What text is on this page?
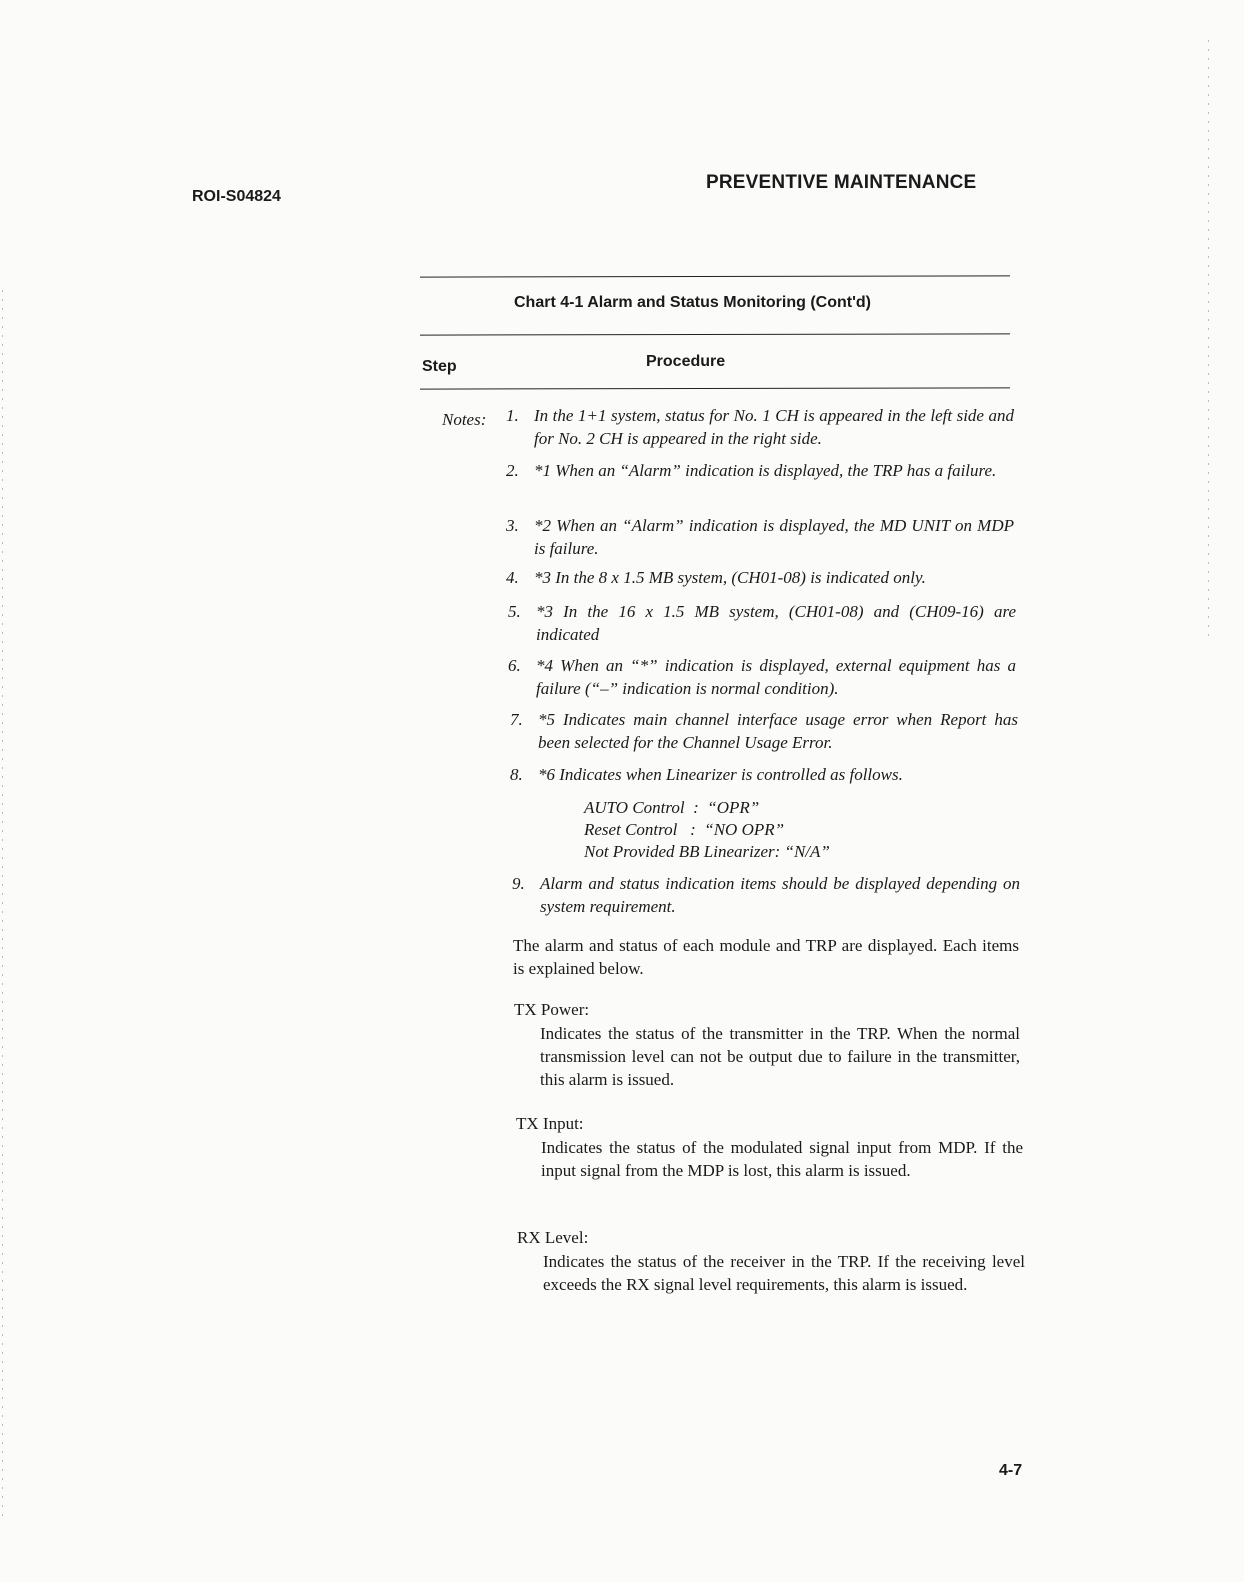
ROI-S04824
PREVENTIVE MAINTENANCE
Chart 4-1 Alarm and Status Monitoring (Cont'd)
Step	Procedure
Notes: 1. In the 1+1 system, status for No. 1 CH is appeared in the left side and for No. 2 CH is appeared in the right side.
2. *1 When an “Alarm” indication is displayed, the TRP has a failure.
3. *2 When an “Alarm” indication is displayed, the MD UNIT on MDP is failure.
4. *3 In the 8 x 1.5 MB system, (CH01-08) is indicated only.
5. *3 In the 16 x 1.5 MB system, (CH01-08) and (CH09-16) are indicated
6. *4 When an “*” indication is displayed, external equipment has a failure (“–” indication is normal condition).
7. *5 Indicates main channel interface usage error when Report has been selected for the Channel Usage Error.
8. *6 Indicates when Linearizer is controlled as follows.
AUTO Control  :  “OPR”
Reset Control   :  “NO OPR”
Not Provided BB Linearizer: “N/A”
9. Alarm and status indication items should be displayed depending on system requirement.
The alarm and status of each module and TRP are displayed. Each items is explained below.
TX Power:
Indicates the status of the transmitter in the TRP. When the normal transmission level can not be output due to failure in the transmitter, this alarm is issued.
TX Input:
Indicates the status of the modulated signal input from MDP. If the input signal from the MDP is lost, this alarm is issued.
RX Level:
Indicates the status of the receiver in the TRP. If the receiving level exceeds the RX signal level requirements, this alarm is issued.
4-7
